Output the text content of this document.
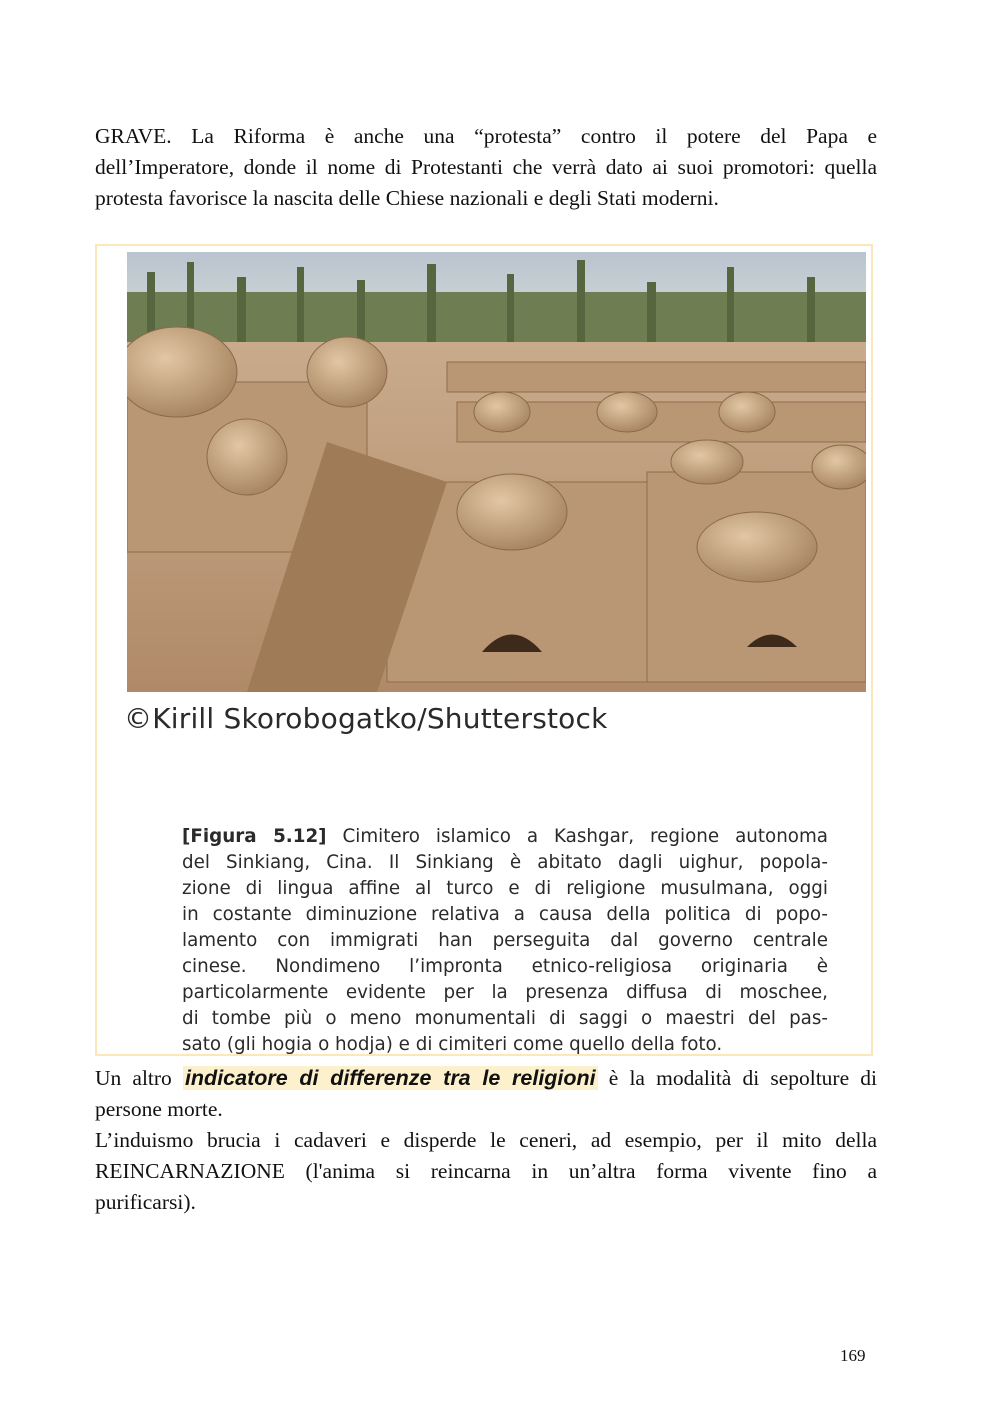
GRAVE. La Riforma è anche una “protesta” contro il potere del Papa e
dell’Imperatore, donde il nome di Protestanti che verrà dato ai suoi promotori: quella
protesta favorisce la nascita delle Chiese nazionali e degli Stati moderni.
©Kirill Skorobogatko/Shutterstock
[Figura 5.12] Cimitero islamico a Kashgar, regione autonoma
del Sinkiang, Cina. Il Sinkiang è abitato dagli uighur, popola-
zione di lingua affine al turco e di religione musulmana, oggi
in costante diminuzione relativa a causa della politica di popo-
lamento con immigrati han perseguita dal governo centrale
cinese. Nondimeno l’impronta etnico-religiosa originaria è
particolarmente evidente per la presenza diffusa di moschee,
di tombe più o meno monumentali di saggi o maestri del pas-
sato (gli hogia o hodja) e di cimiteri come quello della foto.
Un altro indicatore di differenze tra le religioni è la modalità di sepolture di
persone morte.
L’induismo brucia i cadaveri e disperde le ceneri, ad esempio, per il mito della
REINCARNAZIONE (l'anima si reincarna in un’altra forma vivente fino a
purificarsi).
169
